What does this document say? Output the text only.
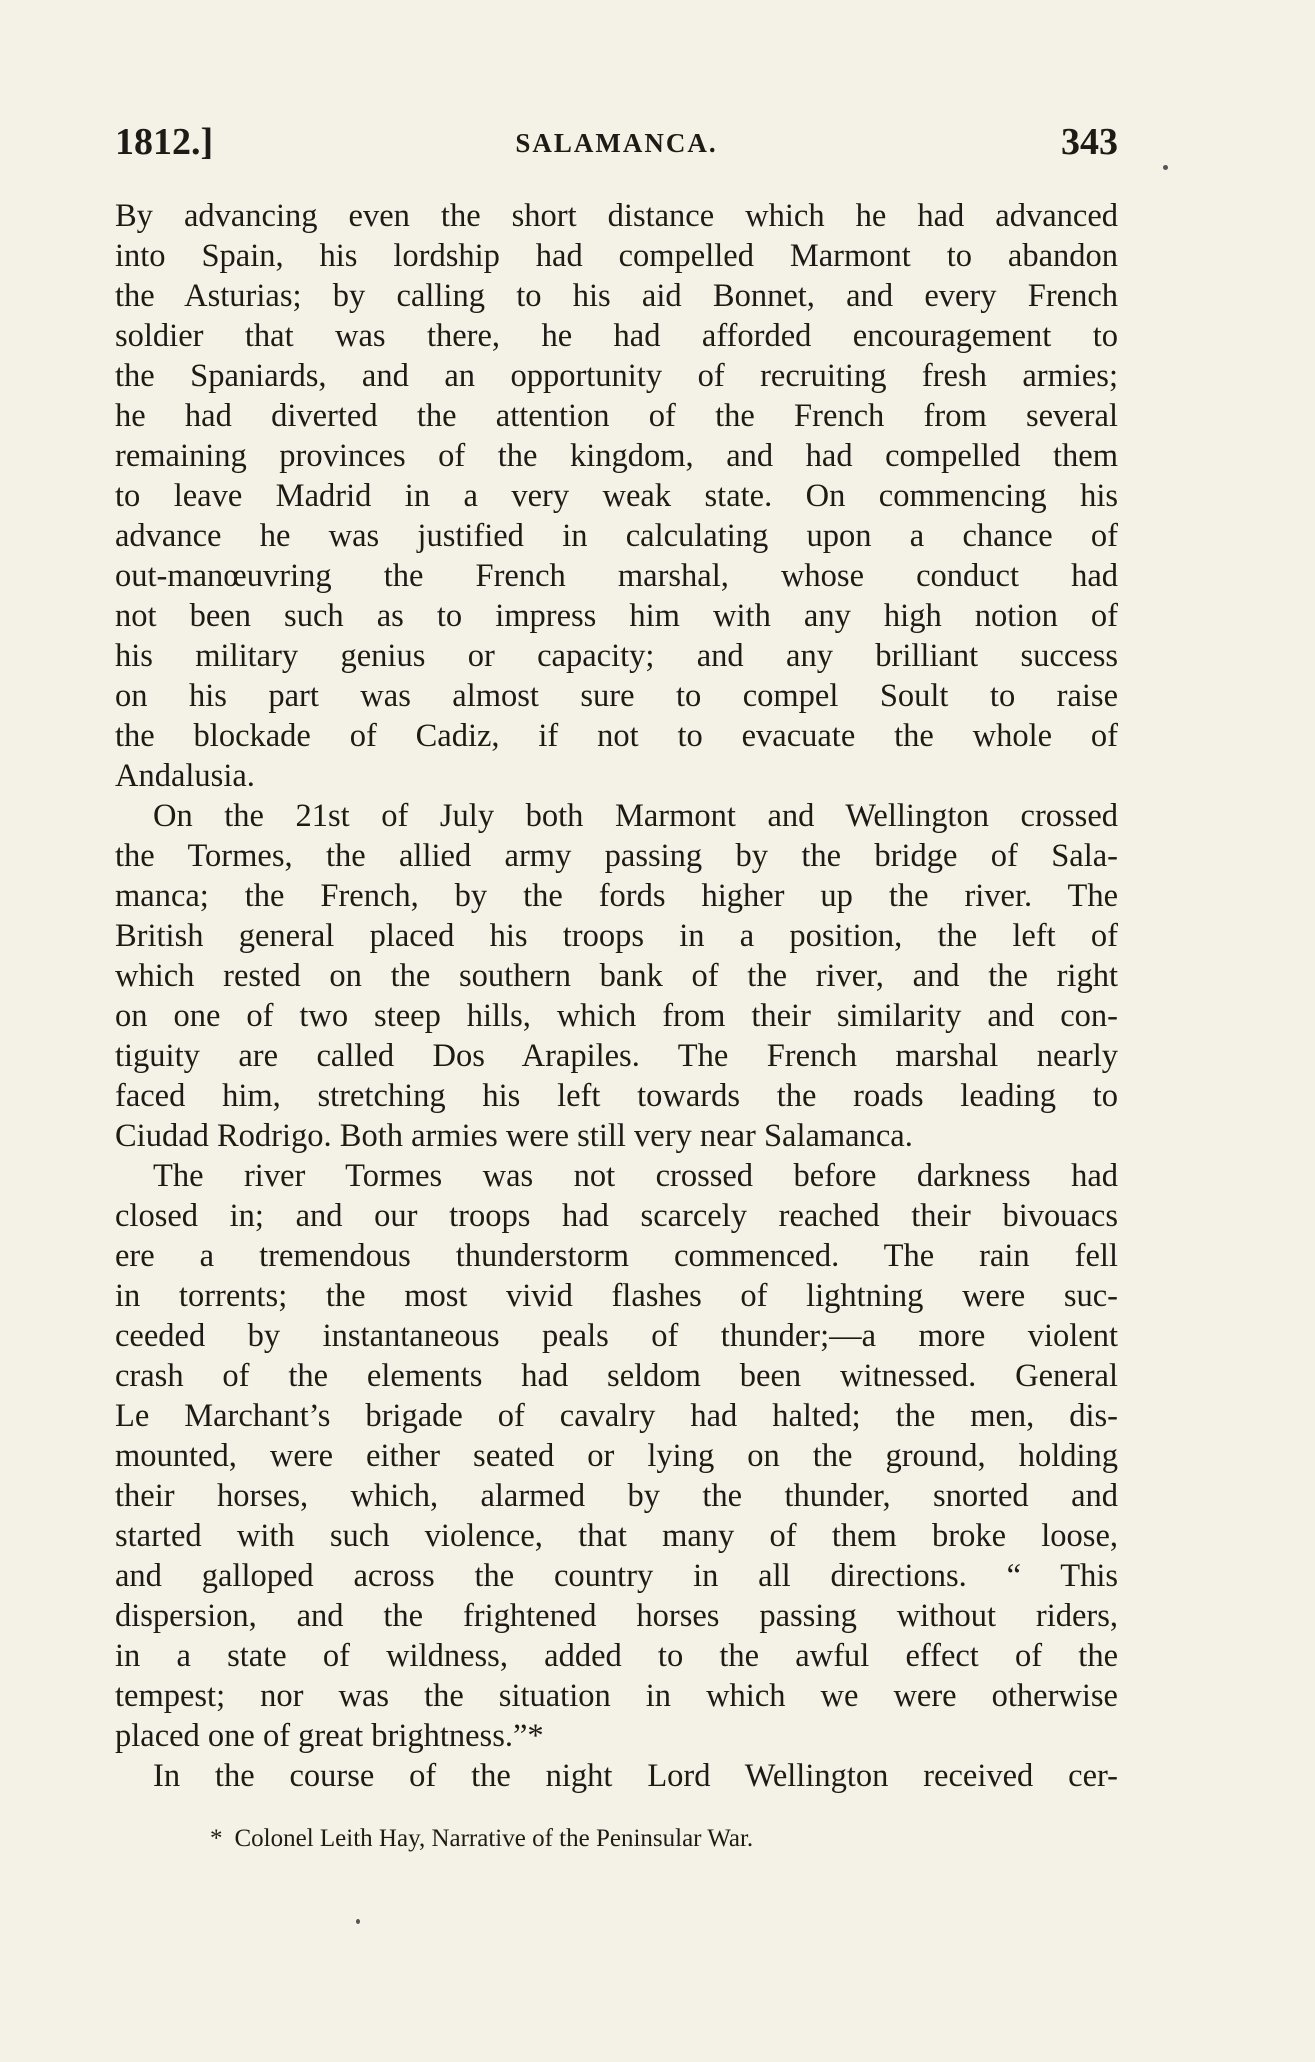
1812.]	SALAMANCA.	343
By advancing even the short distance which he had advanced
into Spain, his lordship had compelled Marmont to abandon
the Asturias; by calling to his aid Bonnet, and every French
soldier that was there, he had afforded encouragement to
the Spaniards, and an opportunity of recruiting fresh armies;
he had diverted the attention of the French from several
remaining provinces of the kingdom, and had compelled them
to leave Madrid in a very weak state. On commencing his
advance he was justified in calculating upon a chance of
out-manœuvring the French marshal, whose conduct had
not been such as to impress him with any high notion of
his military genius or capacity; and any brilliant success
on his part was almost sure to compel Soult to raise
the blockade of Cadiz, if not to evacuate the whole of
Andalusia.
On the 21st of July both Marmont and Wellington crossed
the Tormes, the allied army passing by the bridge of Sala-
manca; the French, by the fords higher up the river. The
British general placed his troops in a position, the left of
which rested on the southern bank of the river, and the right
on one of two steep hills, which from their similarity and con-
tiguity are called Dos Arapiles. The French marshal nearly
faced him, stretching his left towards the roads leading to
Ciudad Rodrigo. Both armies were still very near Salamanca.
The river Tormes was not crossed before darkness had
closed in; and our troops had scarcely reached their bivouacs
ere a tremendous thunderstorm commenced. The rain fell
in torrents; the most vivid flashes of lightning were suc-
ceeded by instantaneous peals of thunder;—a more violent
crash of the elements had seldom been witnessed. General
Le Marchant’s brigade of cavalry had halted; the men, dis-
mounted, were either seated or lying on the ground, holding
their horses, which, alarmed by the thunder, snorted and
started with such violence, that many of them broke loose,
and galloped across the country in all directions. “ This
dispersion, and the frightened horses passing without riders,
in a state of wildness, added to the awful effect of the
tempest; nor was the situation in which we were otherwise
placed one of great brightness.”*
In the course of the night Lord Wellington received cer-
* Colonel Leith Hay, Narrative of the Peninsular War.
